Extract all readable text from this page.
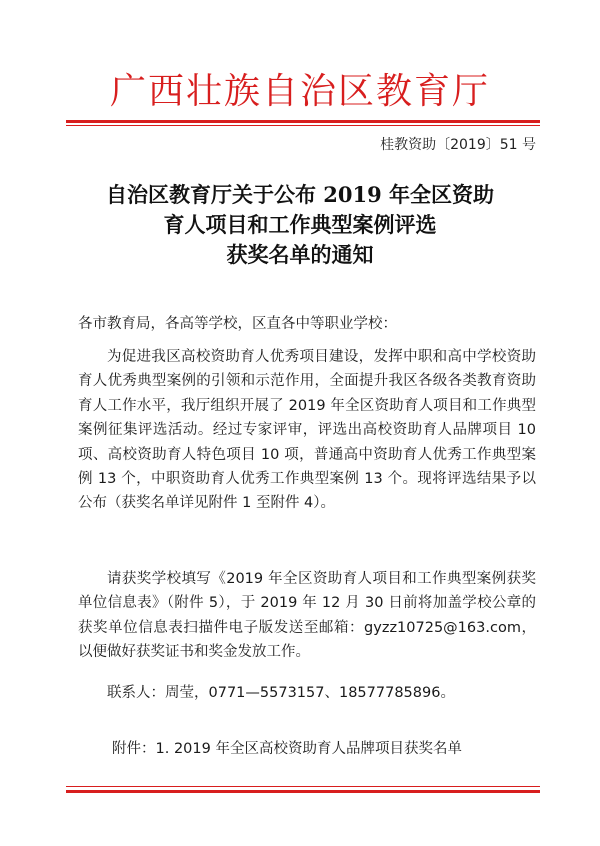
广西壮族自治区教育厅
桂教资助〔2019〕51 号
自治区教育厅关于公布 2019 年全区资助
育人项目和工作典型案例评选
获奖名单的通知
各市教育局，各高等学校，区直各中等职业学校：

为促进我区高校资助育人优秀项目建设，发挥中职和高中学校资助育人优秀典型案例的引领和示范作用，全面提升我区各级各类教育资助育人工作水平，我厅组织开展了 2019 年全区资助育人项目和工作典型案例征集评选活动。经过专家评审，评选出高校资助育人品牌项目 10 项、高校资助育人特色项目 10 项，普通高中资助育人优秀工作典型案例 13 个，中职资助育人优秀工作典型案例 13 个。现将评选结果予以公布（获奖名单详见附件 1 至附件 4）。

请获奖学校填写《2019 年全区资助育人项目和工作典型案例获奖单位信息表》（附件 5），于 2019 年 12 月 30 日前将加盖学校公章的获奖单位信息表扫描件电子版发送至邮箱：gyzz10725@163.com，以便做好获奖证书和奖金发放工作。

联系人：周莹，0771—5573157、18577785896。

附件：1. 2019 年全区高校资助育人品牌项目获奖名单
